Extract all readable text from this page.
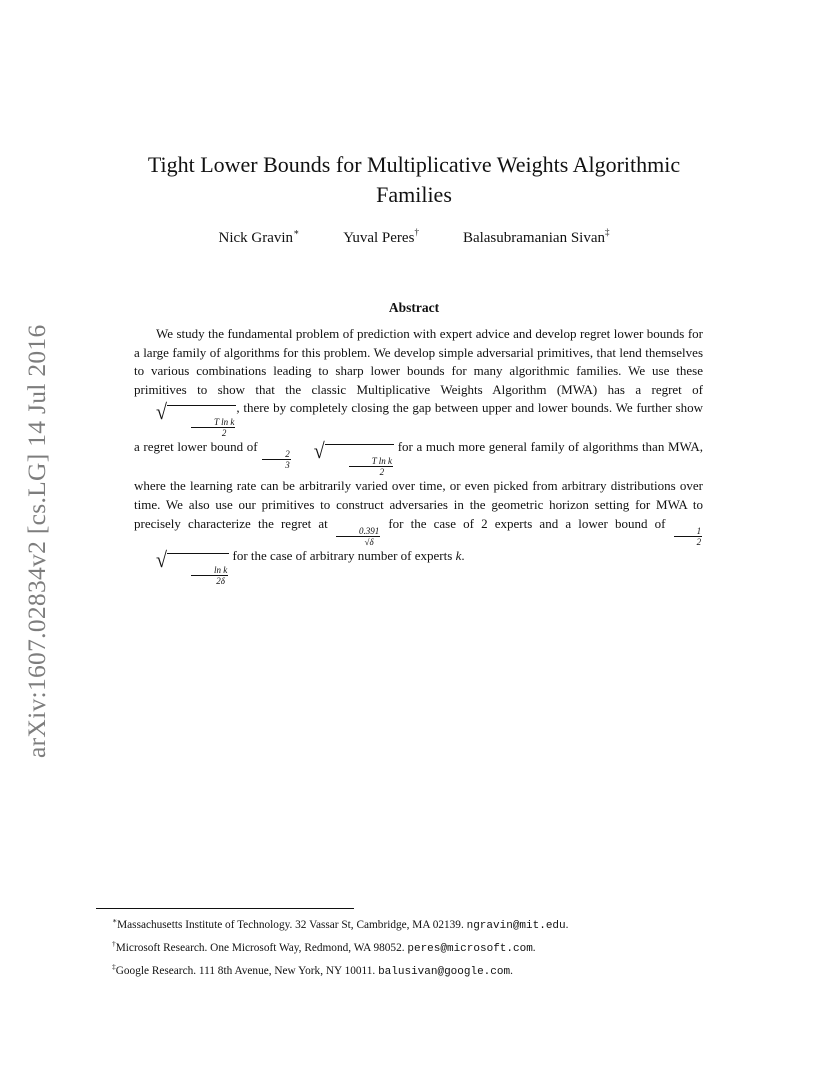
arXiv:1607.02834v2 [cs.LG] 14 Jul 2016
Tight Lower Bounds for Multiplicative Weights Algorithmic
Families
Nick Gravin∗	Yuval Peres†	Balasubramanian Sivan‡
Abstract

We study the fundamental problem of prediction with expert advice and develop regret lower bounds for a large family of algorithms for this problem. We develop simple adversarial primitives, that lend themselves to various combinations leading to sharp lower bounds for many algorithmic families. We use these primitives to show that the classic Multiplicative Weights Algorithm (MWA) has a regret of
√
$\frac{\text{T ln k}}{2}$
, there by completely closing the gap between upper and lower bounds. We further show a regret lower bound of
$\frac{2}{3}$	√
$\frac{\text{T ln k}}{2}$
for a much more general family of algorithms than MWA, where the learning rate can be arbitrarily varied over time, or even picked from arbitrary distributions over time. We also use our primitives to construct adversaries in the geometric horizon setting for MWA to precisely characterize the regret at
$\frac{0.391}{√\delta}$
for the case of 2 experts and a lower bound of
$\frac{1}{2}$
√
$\frac{\text{ln k}}{2\delta}$
for the case of arbitrary number of experts k.

∗Massachusetts Institute of Technology. 32 Vassar St, Cambridge, MA 02139. ngravin@mit.edu.
†Microsoft Research. One Microsoft Way, Redmond, WA 98052. peres@microsoft.com.
‡Google Research. 111 8th Avenue, New York, NY 10011. balusivan@google.com.
